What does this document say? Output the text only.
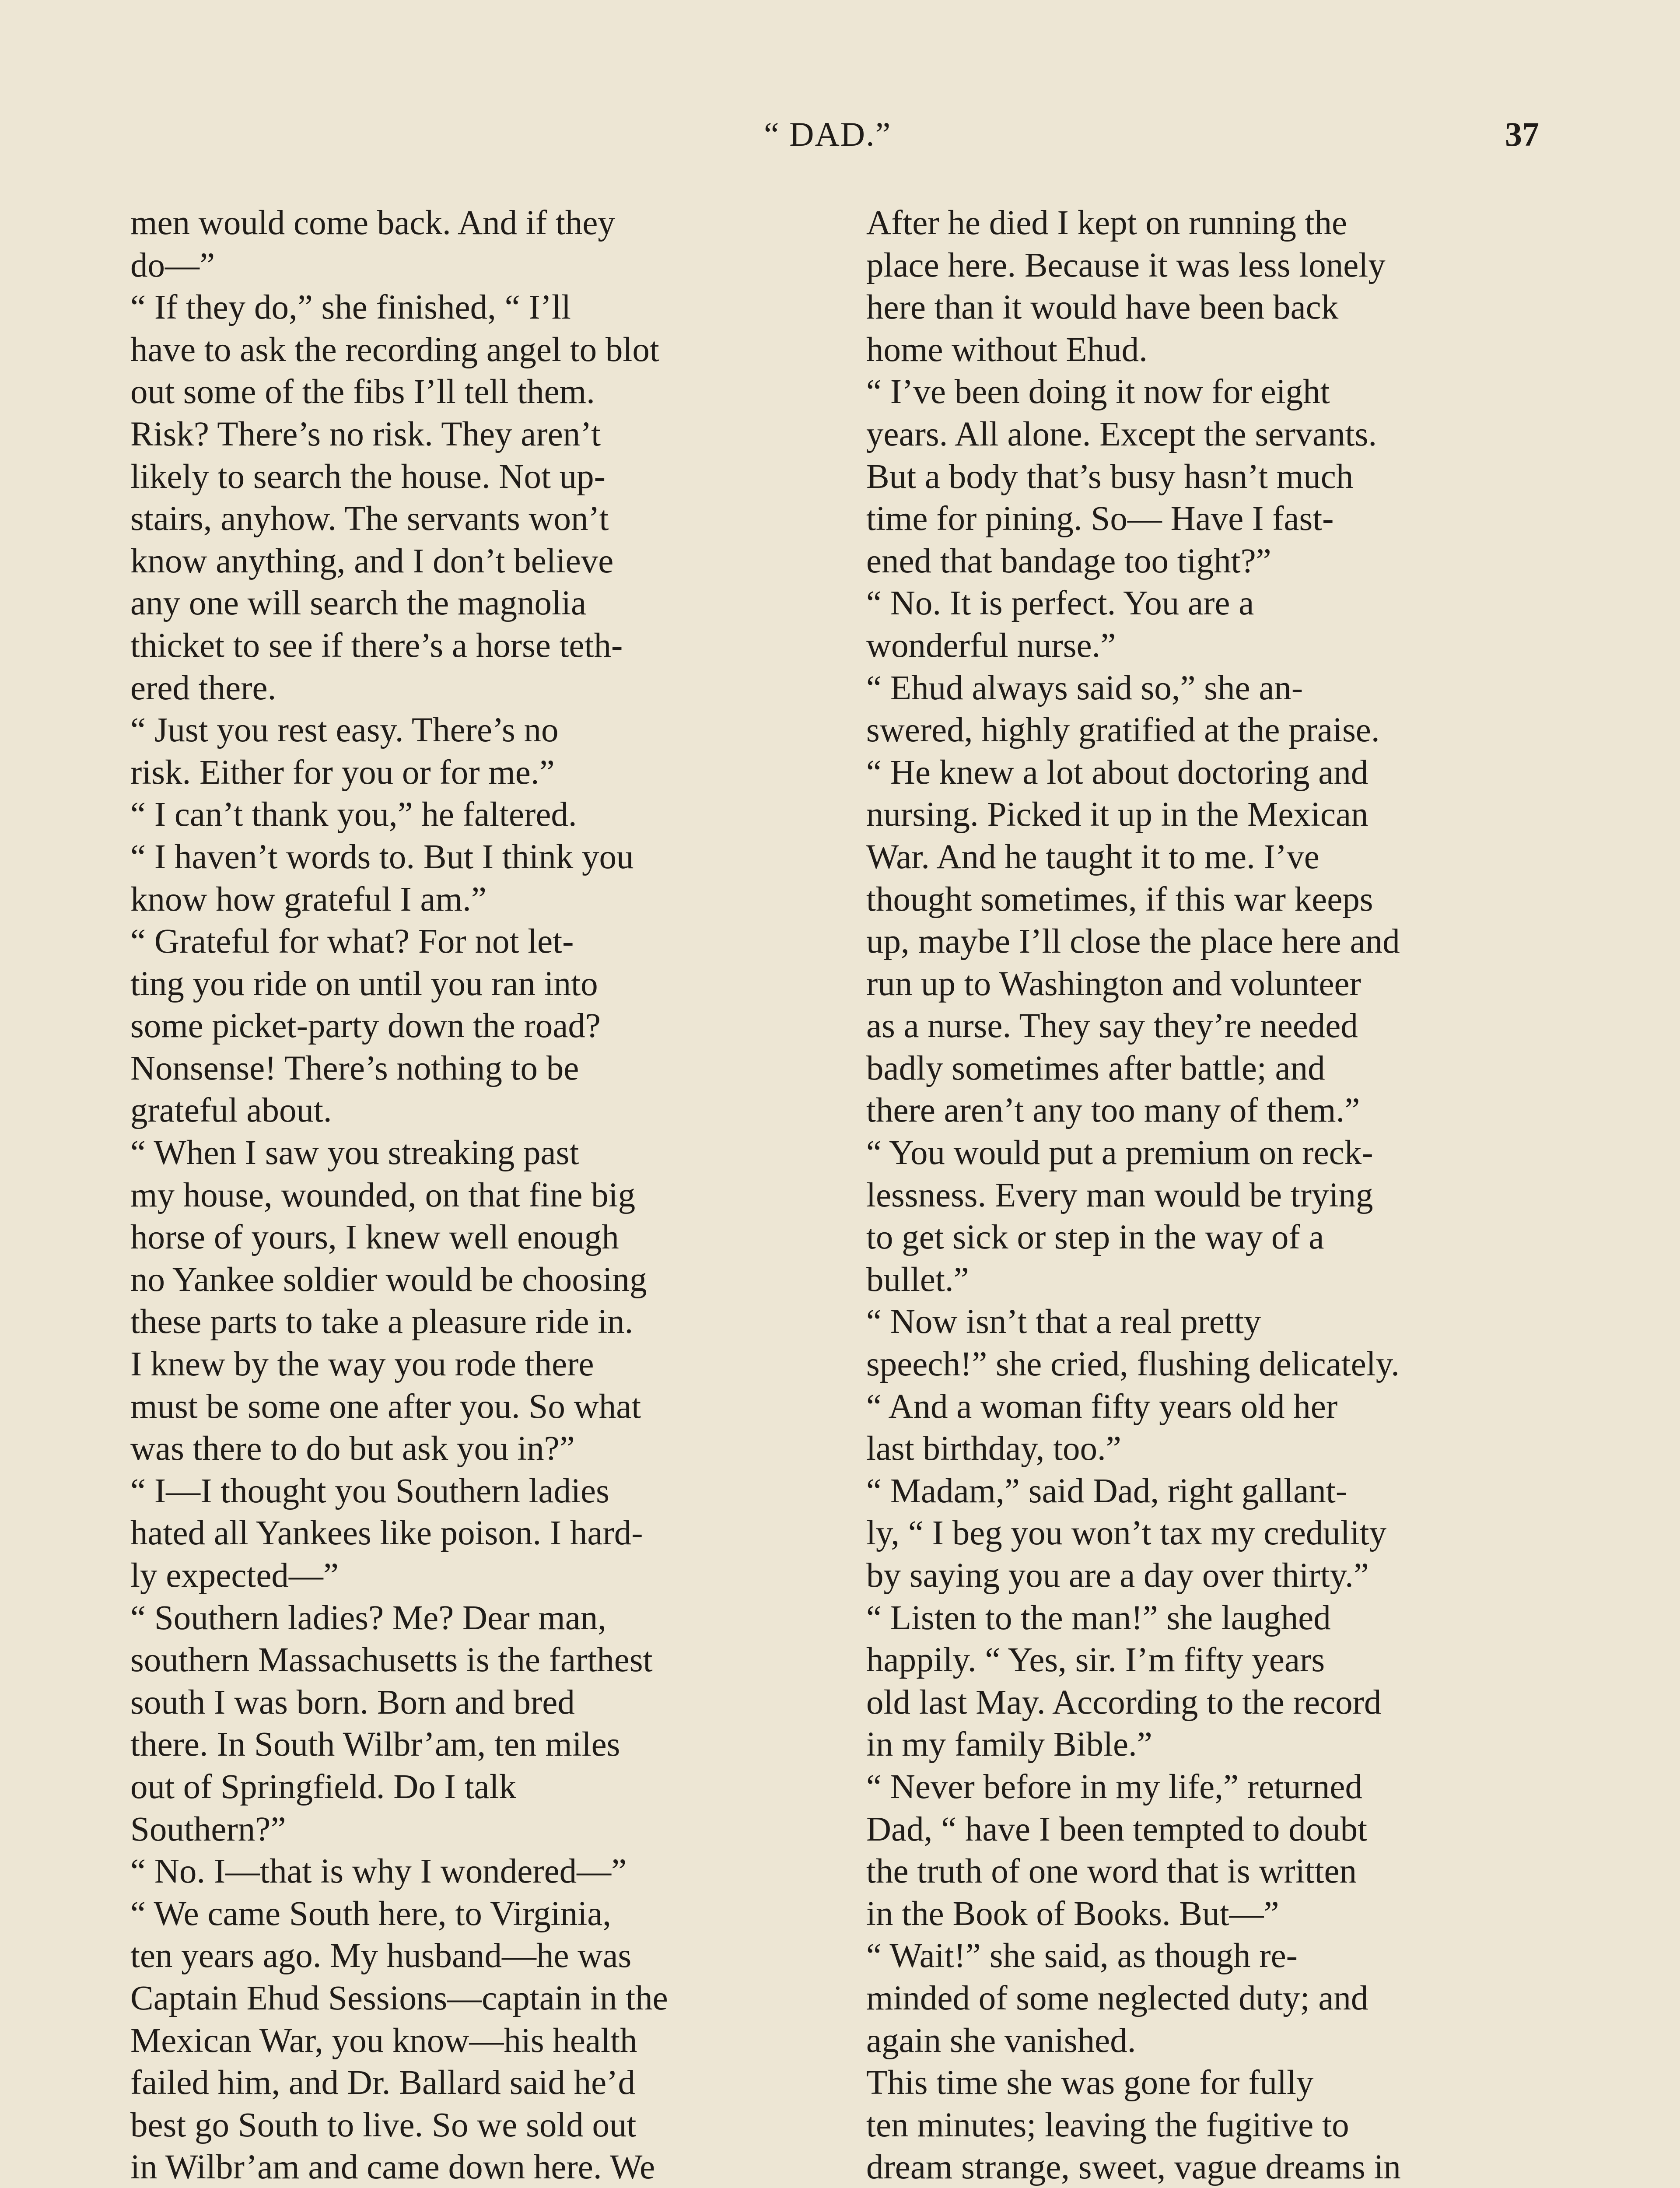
“ DAD.”	37
men would come back. And if they
do—”
“ If they do,” she finished, “ I’ll
have to ask the recording angel to blot
out some of the fibs I’ll tell them.
Risk? There’s no risk. They aren’t
likely to search the house. Not up-
stairs, anyhow. The servants won’t
know anything, and I don’t believe
any one will search the magnolia
thicket to see if there’s a horse teth-
ered there.
“ Just you rest easy. There’s no
risk. Either for you or for me.”
“ I can’t thank you,” he faltered.
“ I haven’t words to. But I think you
know how grateful I am.”
“ Grateful for what? For not let-
ting you ride on until you ran into
some picket-party down the road?
Nonsense! There’s nothing to be
grateful about.
“ When I saw you streaking past
my house, wounded, on that fine big
horse of yours, I knew well enough
no Yankee soldier would be choosing
these parts to take a pleasure ride in.
I knew by the way you rode there
must be some one after you. So what
was there to do but ask you in?”
“ I—I thought you Southern ladies
hated all Yankees like poison. I hard-
ly expected—”
“ Southern ladies? Me? Dear man,
southern Massachusetts is the farthest
south I was born. Born and bred
there. In South Wilbr’am, ten miles
out of Springfield. Do I talk
Southern?”
“ No. I—that is why I wondered—”
“ We came South here, to Virginia,
ten years ago. My husband—he was
Captain Ehud Sessions—captain in the
Mexican War, you know—his health
failed him, and Dr. Ballard said he’d
best go South to live. So we sold out
in Wilbr’am and came down here. We
After he died I kept on running the
place here. Because it was less lonely
here than it would have been back
home without Ehud.
“ I’ve been doing it now for eight
years. All alone. Except the servants.
But a body that’s busy hasn’t much
time for pining. So— Have I fast-
ened that bandage too tight?”
“ No. It is perfect. You are a
wonderful nurse.”
“ Ehud always said so,” she an-
swered, highly gratified at the praise.
“ He knew a lot about doctoring and
nursing. Picked it up in the Mexican
War. And he taught it to me. I’ve
thought sometimes, if this war keeps
up, maybe I’ll close the place here and
run up to Washington and volunteer
as a nurse. They say they’re needed
badly sometimes after battle; and
there aren’t any too many of them.”
“ You would put a premium on reck-
lessness. Every man would be trying
to get sick or step in the way of a
bullet.”
“ Now isn’t that a real pretty
speech!” she cried, flushing delicately.
“ And a woman fifty years old her
last birthday, too.”
“ Madam,” said Dad, right gallant-
ly, “ I beg you won’t tax my credulity
by saying you are a day over thirty.”
“ Listen to the man!” she laughed
happily. “ Yes, sir. I’m fifty years
old last May. According to the record
in my family Bible.”
“ Never before in my life,” returned
Dad, “ have I been tempted to doubt
the truth of one word that is written
in the Book of Books. But—”
“ Wait!” she said, as though re-
minded of some neglected duty; and
again she vanished.
This time she was gone for fully
ten minutes; leaving the fugitive to
dream strange, sweet, vague dreams in
